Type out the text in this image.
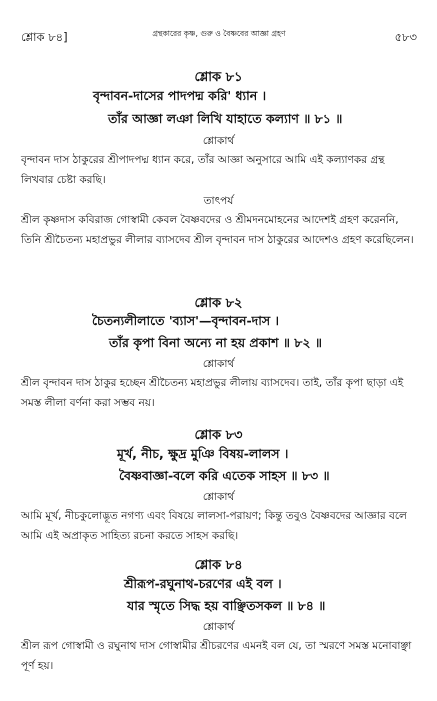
শ্লোক ৮৪]	গ্রন্থকারের কৃষ্ণ, গুরু ও বৈষ্ণবের আজ্ঞা গ্রহণ	৫৮৩
শ্লোক ৮১
বৃন্দাবন-দাসের পাদপদ্ম করি' ধ্যান ।
তাঁর আজ্ঞা লঞা লিখি যাহাতে কল্যাণ ॥ ৮১ ॥
শ্লোকার্থ
বৃন্দাবন দাস ঠাকুরের শ্রীপাদপদ্ম ধ্যান করে, তাঁর আজ্ঞা অনুসারে আমি এই কল্যাণকর গ্রন্থ লিখবার চেষ্টা করছি।
তাৎপর্য
শ্রীল কৃষ্ণদাস কবিরাজ গোস্বামী কেবল বৈষ্ণবদের ও শ্রীমদনমোহনের আদেশই গ্রহণ করেননি, তিনি শ্রীচৈতন্য মহাপ্রভুর লীলার ব্যাসদেব শ্রীল বৃন্দাবন দাস ঠাকুরের আদেশও গ্রহণ করেছিলেন।
শ্লোক ৮২
চৈতন্যলীলাতে 'ব্যাস'—বৃন্দাবন-দাস ।
তাঁর কৃপা বিনা অন্যে না হয় প্রকাশ ॥ ৮২ ॥
শ্লোকার্থ
শ্রীল বৃন্দাবন দাস ঠাকুর হচ্ছেন শ্রীচৈতন্য মহাপ্রভুর লীলায় ব্যাসদেব। তাই, তাঁর কৃপা ছাড়া এই সমস্ত লীলা বর্ণনা করা সম্ভব নয়।
শ্লোক ৮৩
মূর্খ, নীচ, ক্ষুদ্র মুঞি বিষয়-লালস ।
বৈষ্ণবাজ্ঞা-বলে করি এতেক সাহস ॥ ৮৩ ॥
শ্লোকার্থ
আমি মূর্খ, নীচকুলোদ্ভূত নগণ্য এবং বিষয়ে লালসা-পরায়ণ; কিন্তু তবুও বৈষ্ণবদের আজ্ঞার বলে আমি এই অপ্রাকৃত সাহিত্য রচনা করতে সাহস করছি।
শ্লোক ৮৪
শ্রীরূপ-রঘুনাথ-চরণের এই বল ।
যার স্মৃতে সিদ্ধ হয় বাঞ্ছিতসকল ॥ ৮৪ ॥
শ্লোকার্থ
শ্রীল রূপ গোস্বামী ও রঘুনাথ দাস গোস্বামীর শ্রীচরণের এমনই বল যে, তা স্মরণে সমস্ত মনোবাঞ্ছা পূর্ণ হয়।
